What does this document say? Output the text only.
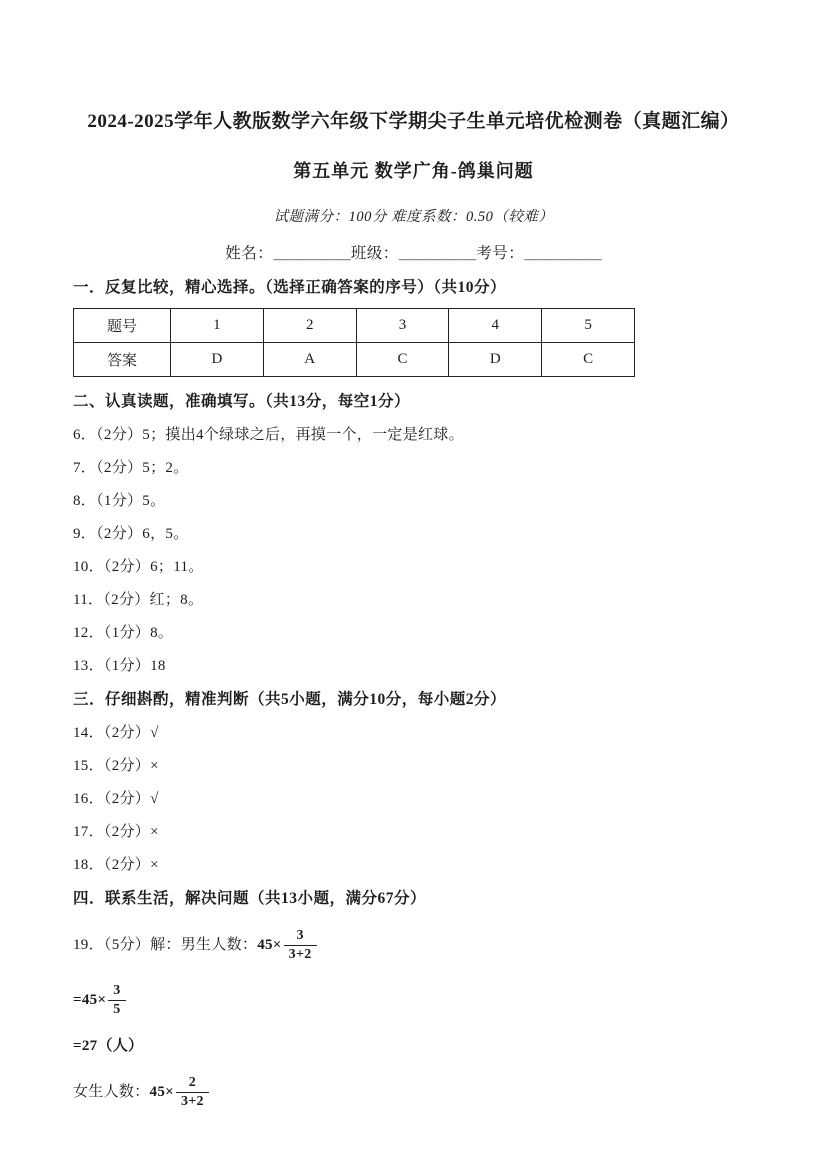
2024-2025学年人教版数学六年级下学期尖子生单元培优检测卷（真题汇编）
第五单元 数学广角-鸽巢问题
试题满分：100分 难度系数：0.50（较难）
姓名：＿＿＿＿＿班级：＿＿＿＿＿考号：＿＿＿＿＿
一．反复比较，精心选择。（选择正确答案的序号）（共10分）
题号	1	2	3	4	5
答案	D	A	C	D	C
二、认真读题，准确填写。（共13分，每空1分）
6．（2分）5；摸出4个绿球之后，再摸一个，一定是红球。
7．（2分）5；2。
8．（1分）5。
9．（2分）6，5。
10．（2分）6；11。
11．（2分）红；8。
12．（1分）8。
13．（1分）18
三．仔细斟酌，精准判断（共5小题，满分10分，每小题2分）
14．（2分）√
15．（2分）×
16．（2分）√
17．（2分）×
18．（2分）×
四．联系生活，解决问题（共13小题，满分67分）
19．（5分）解：男生人数： $45\times \frac{3}{3+2}$
$=45\times \frac{3}{5}$
=27（人）
女生人数： $45\times \frac{2}{3+2}$
